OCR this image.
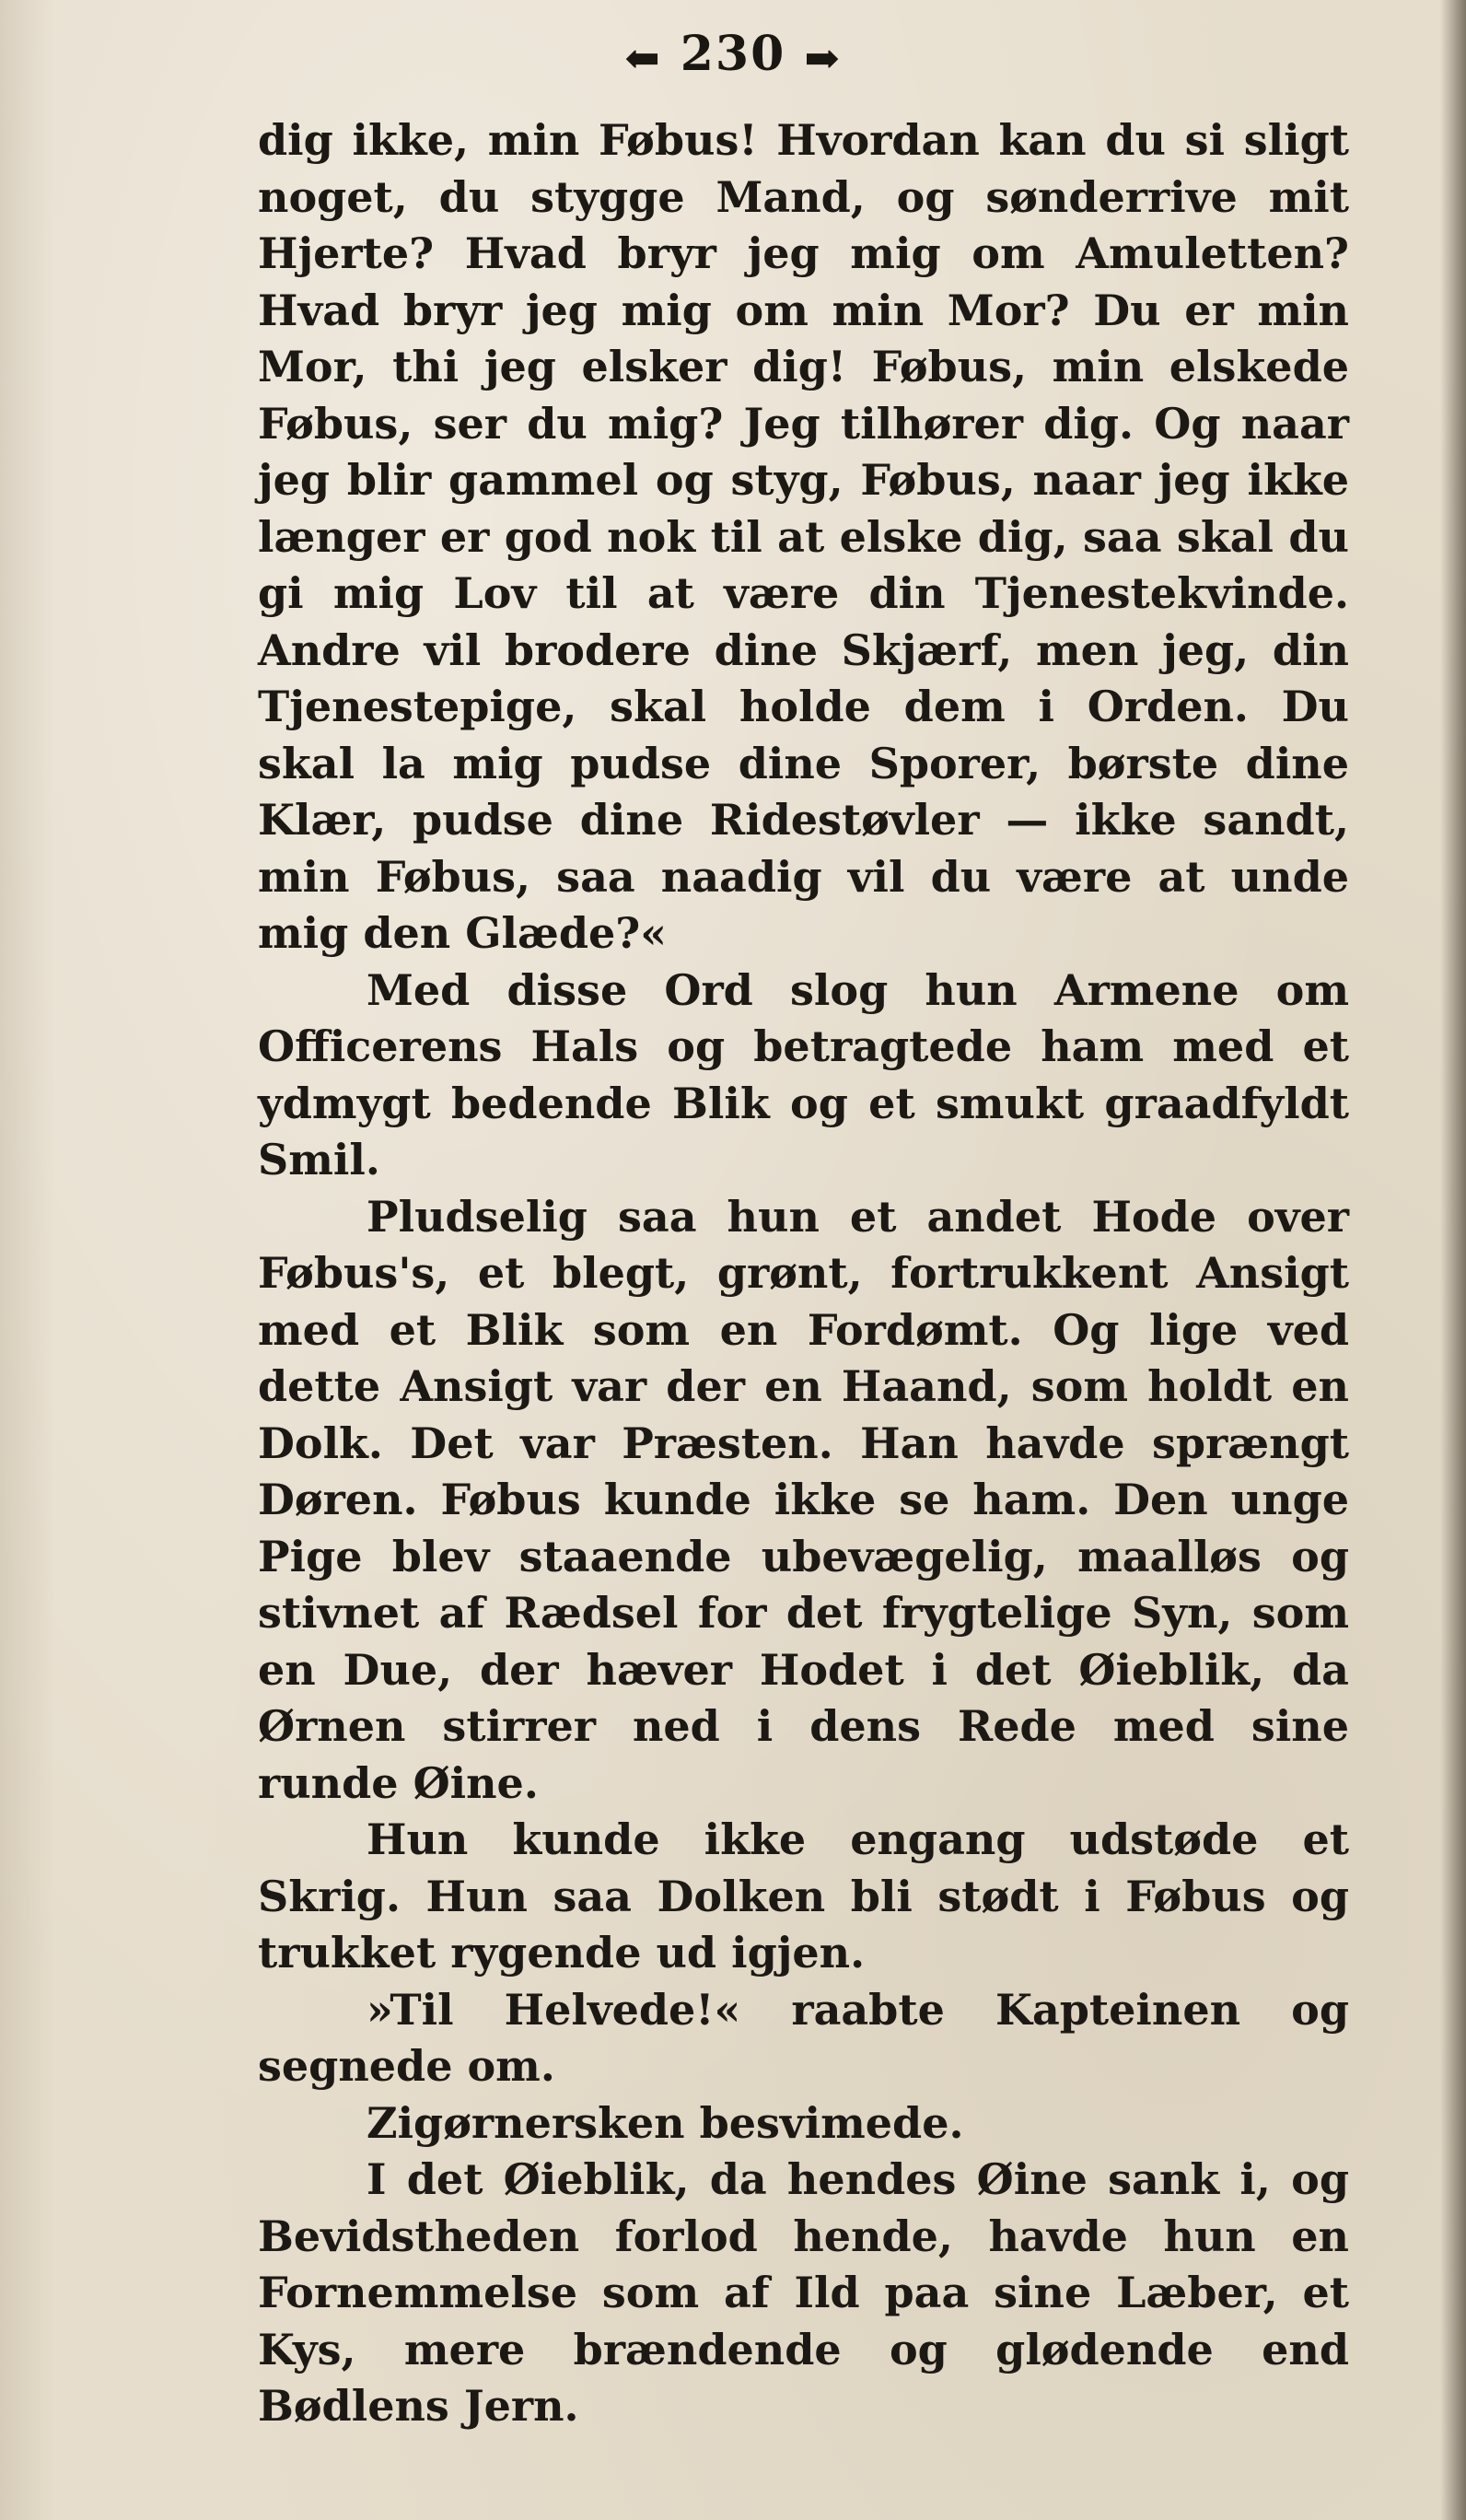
⬅ 230 ➡

dig ikke, min Føbus! Hvordan kan du si sligt noget, du stygge Mand, og sønderrive mit Hjerte? Hvad bryr jeg mig om Amuletten? Hvad bryr jeg mig om min Mor? Du er min Mor, thi jeg elsker dig! Føbus, min elskede Føbus, ser du mig? Jeg tilhører dig. Og naar jeg blir gammel og styg, Føbus, naar jeg ikke længer er god nok til at elske dig, saa skal du gi mig Lov til at være din Tjenestekvinde. Andre vil brodere dine Skjærf, men jeg, din Tjenestepige, skal holde dem i Orden. Du skal la mig pudse dine Sporer, børste dine Klær, pudse dine Ridestøvler — ikke sandt, min Føbus, saa naadig vil du være at unde mig den Glæde?«

Med disse Ord slog hun Armene om Officerens Hals og betragtede ham med et ydmygt bedende Blik og et smukt graadfyldt Smil.

Pludselig saa hun et andet Hode over Føbus's, et blegt, grønt, fortrukkent Ansigt med et Blik som en Fordømt. Og lige ved dette Ansigt var der en Haand, som holdt en Dolk. Det var Præsten. Han havde sprængt Døren. Føbus kunde ikke se ham. Den unge Pige blev staaende ubevægelig, maalløs og stivnet af Rædsel for det frygtelige Syn, som en Due, der hæver Hodet i det Øieblik, da Ørnen stirrer ned i dens Rede med sine runde Øine.

Hun kunde ikke engang udstøde et Skrig. Hun saa Dolken bli stødt i Føbus og trukket rygende ud igjen.

»Til Helvede!« raabte Kapteinen og segnede om.

Zigørnersken besvimede.

I det Øieblik, da hendes Øine sank i, og Bevidstheden forlod hende, havde hun en Fornemmelse som af Ild paa sine Læber, et Kys, mere brændende og glødende end Bødlens Jern.
